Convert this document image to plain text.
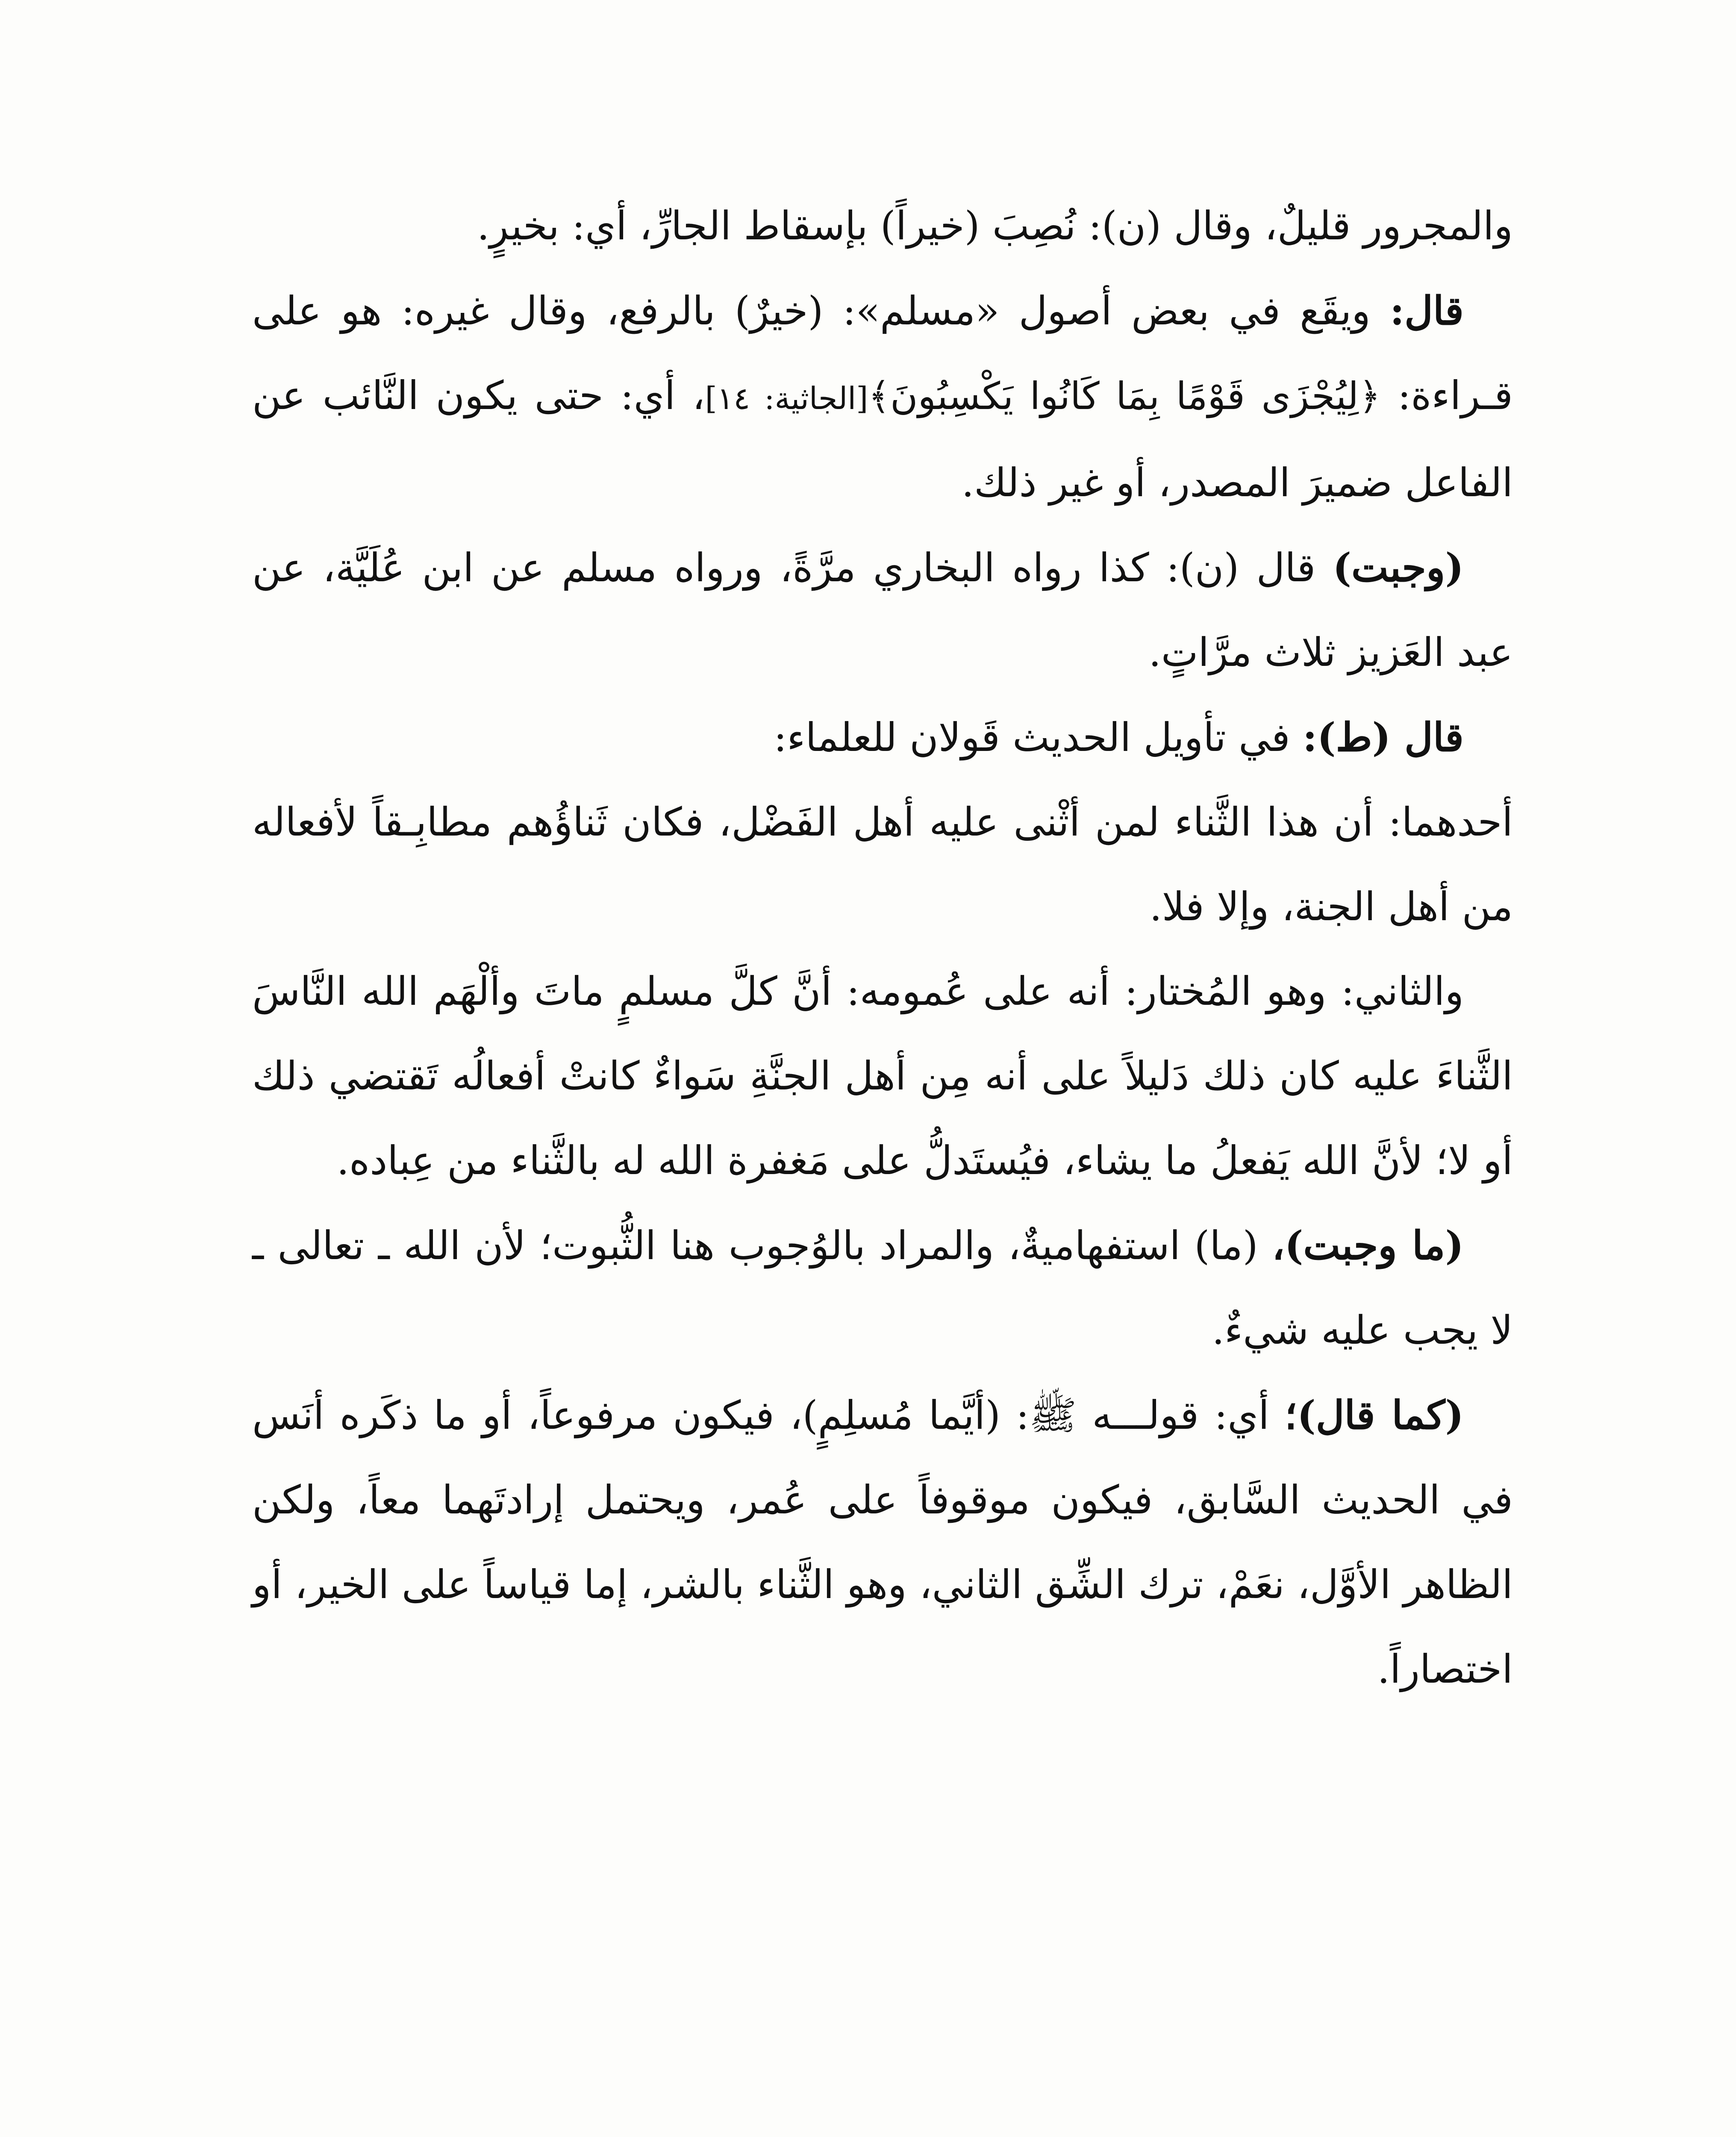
والمجرور قليلٌ، وقال (ن): نُصِبَ (خيراً) بإسقاط الجارِّ، أي: بخيرٍ.

قال: ويقَع في بعض أصول «مسلم»: (خيرٌ) بالرفع، وقال غيره: هو على قـراءة: ﴿لِيُجْزَى قَوْمًا بِمَا كَانُوا يَكْسِبُونَ﴾[الجاثية: ١٤]، أي: حتى يكون النَّائب عن الفاعل ضميرَ المصدر، أو غير ذلك.

(وجبت) قال (ن): كذا رواه البخاري مرَّةً، ورواه مسلم عن ابن عُلَيَّة، عن عبد العَزيز ثلاث مرَّاتٍ.

قال (ط): في تأويل الحديث قَولان للعلماء:

أحدهما: أن هذا الثَّناء لمن أثْنى عليه أهل الفَضْل، فكان ثَناؤُهم مطابِـقاً لأفعاله من أهل الجنة، وإلا فلا.

والثاني: وهو المُختار: أنه على عُمومه: أنَّ كلَّ مسلمٍ ماتَ وألْهَم الله النَّاسَ الثَّناءَ عليه كان ذلك دَليلاً على أنه مِن أهل الجنَّةِ سَواءٌ كانتْ أفعالُه تَقتضي ذلك أو لا؛ لأنَّ الله يَفعلُ ما يشاء، فيُستَدلُّ على مَغفرة الله له بالثَّناء من عِباده.

(ما وجبت)، (ما) استفهاميةٌ، والمراد بالوُجوب هنا الثُّبوت؛ لأن الله ـ تعالى ـ لا يجب عليه شيءٌ.

(كما قال)؛ أي: قولـــه ﷺ: (أيَّما مُسلِمٍ)، فيكون مرفوعاً، أو ما ذكَره أنَس في الحديث السَّابق، فيكون موقوفاً على عُمر، ويحتمل إرادتَهما معاً، ولكن الظاهر الأوَّل، نعَمْ، ترك الشِّق الثاني، وهو الثَّناء بالشر، إما قياساً على الخير، أو اختصاراً.
